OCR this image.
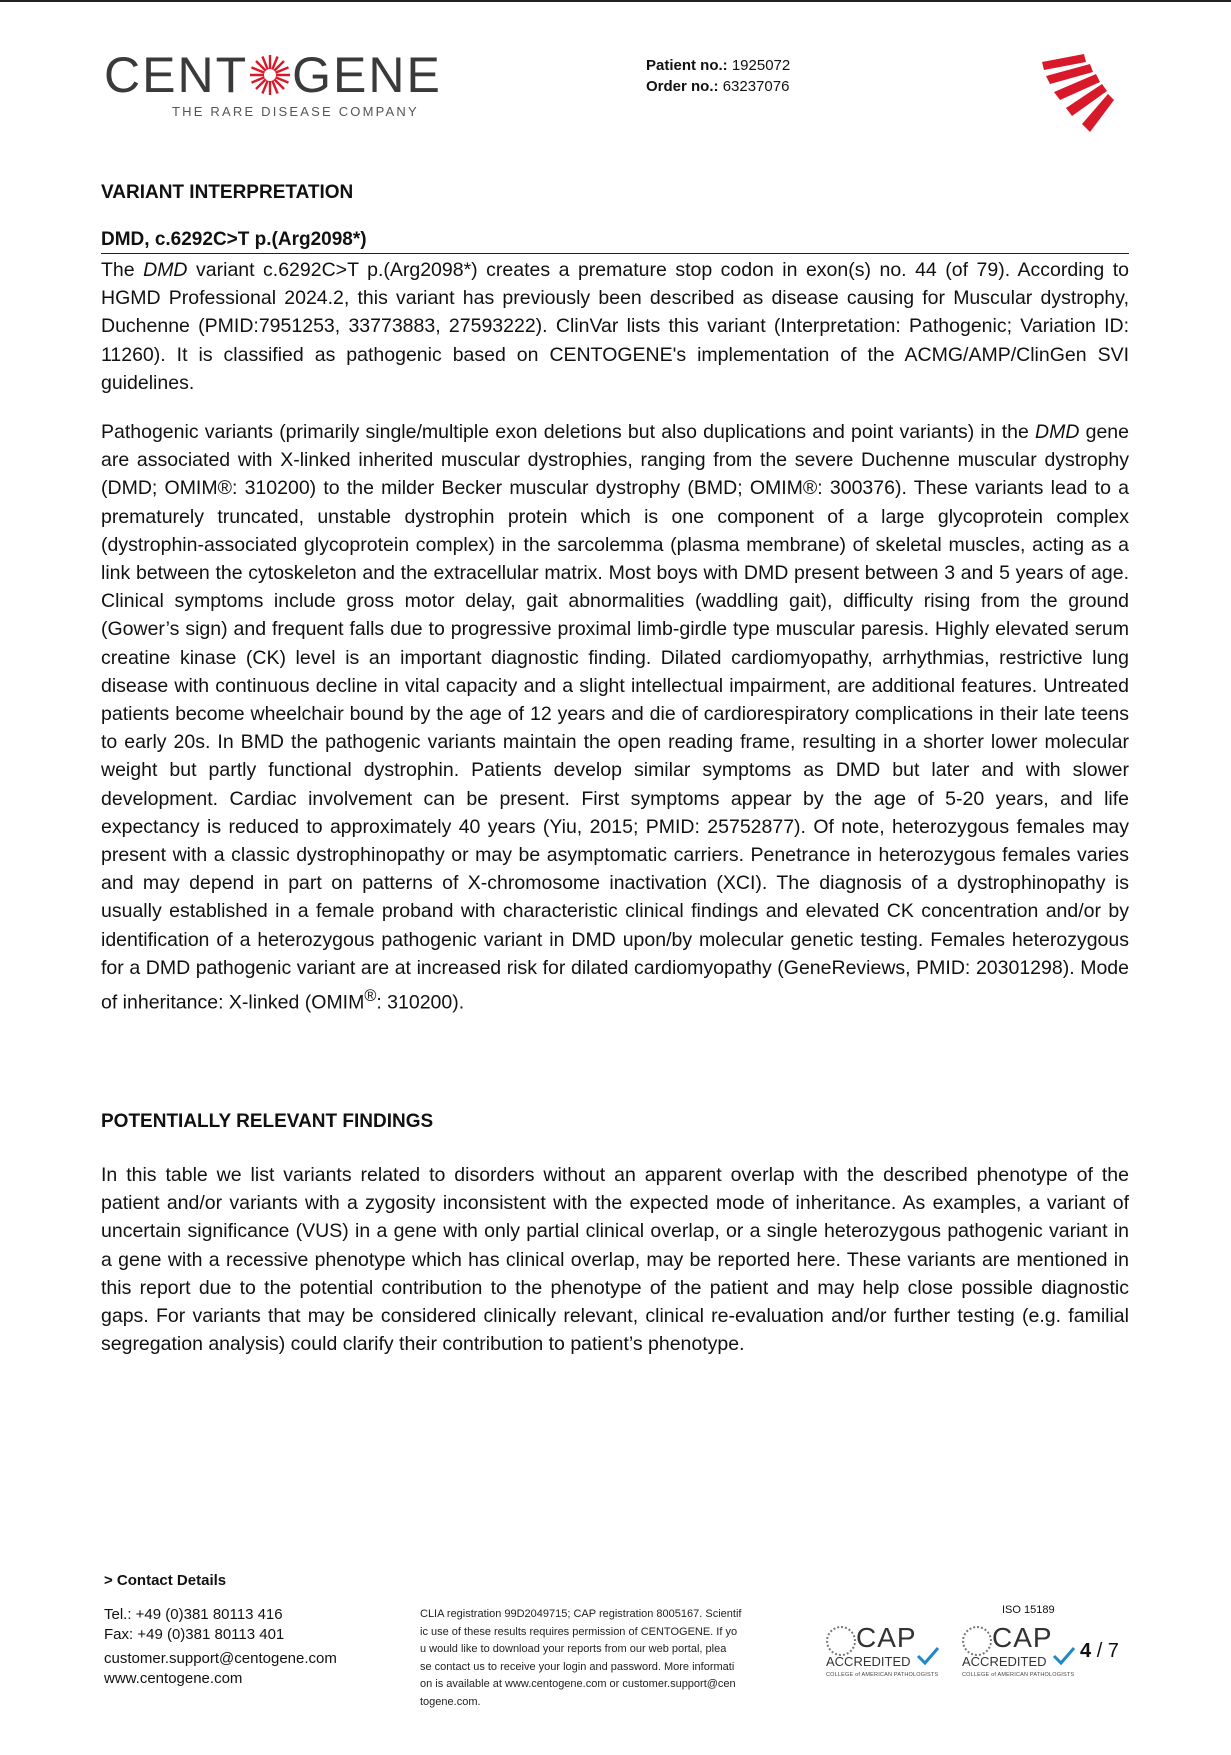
CENT GENE
THE RARE DISEASE COMPANY
Patient no.: 1925072
Order no.: 63237076
VARIANT INTERPRETATION
DMD, c.6292C>T p.(Arg2098*)
The DMD variant c.6292C>T p.(Arg2098*) creates a premature stop codon in exon(s) no. 44 (of 79). According to HGMD Professional 2024.2, this variant has previously been described as disease causing for Muscular dystrophy, Duchenne (PMID:7951253, 33773883, 27593222). ClinVar lists this variant (Interpretation: Pathogenic; Variation ID: 11260). It is classified as pathogenic based on CENTOGENE's implementation of the ACMG/AMP/ClinGen SVI guidelines.
Pathogenic variants (primarily single/multiple exon deletions but also duplications and point variants) in the DMD gene are associated with X-linked inherited muscular dystrophies, ranging from the severe Duchenne muscular dystrophy (DMD; OMIM®: 310200) to the milder Becker muscular dystrophy (BMD; OMIM®: 300376). These variants lead to a prematurely truncated, unstable dystrophin protein which is one component of a large glycoprotein complex (dystrophin-associated glycoprotein complex) in the sarcolemma (plasma membrane) of skeletal muscles, acting as a link between the cytoskeleton and the extracellular matrix. Most boys with DMD present between 3 and 5 years of age. Clinical symptoms include gross motor delay, gait abnormalities (waddling gait), difficulty rising from the ground (Gower’s sign) and frequent falls due to progressive proximal limb-girdle type muscular paresis. Highly elevated serum creatine kinase (CK) level is an important diagnostic finding. Dilated cardiomyopathy, arrhythmias, restrictive lung disease with continuous decline in vital capacity and a slight intellectual impairment, are additional features. Untreated patients become wheelchair bound by the age of 12 years and die of cardiorespiratory complications in their late teens to early 20s. In BMD the pathogenic variants maintain the open reading frame, resulting in a shorter lower molecular weight but partly functional dystrophin. Patients develop similar symptoms as DMD but later and with slower development. Cardiac involvement can be present. First symptoms appear by the age of 5-20 years, and life expectancy is reduced to approximately 40 years (Yiu, 2015; PMID: 25752877). Of note, heterozygous females may present with a classic dystrophinopathy or may be asymptomatic carriers. Penetrance in heterozygous females varies and may depend in part on patterns of X-chromosome inactivation (XCI). The diagnosis of a dystrophinopathy is usually established in a female proband with characteristic clinical findings and elevated CK concentration and/or by identification of a heterozygous pathogenic variant in DMD upon/by molecular genetic testing. Females heterozygous for a DMD pathogenic variant are at increased risk for dilated cardiomyopathy (GeneReviews, PMID: 20301298). Mode of inheritance: X-linked (OMIM®: 310200).
POTENTIALLY RELEVANT FINDINGS
In this table we list variants related to disorders without an apparent overlap with the described phenotype of the patient and/or variants with a zygosity inconsistent with the expected mode of inheritance. As examples, a variant of uncertain significance (VUS) in a gene with only partial clinical overlap, or a single heterozygous pathogenic variant in a gene with a recessive phenotype which has clinical overlap, may be reported here. These variants are mentioned in this report due to the potential contribution to the phenotype of the patient and may help close possible diagnostic gaps. For variants that may be considered clinically relevant, clinical re-evaluation and/or further testing (e.g. familial segregation analysis) could clarify their contribution to patient’s phenotype.
> Contact Details
Tel.: +49 (0)381 80113 416
Fax: +49 (0)381 80113 401
customer.support@centogene.com
www.centogene.com
CLIA registration 99D2049715; CAP registration 8005167. Scientif
ic use of these results requires permission of CENTOGENE. If yo
u would like to download your reports from our web portal, plea
se contact us to receive your login and password. More informati
on is available at www.centogene.com or customer.support@cen
togene.com.
CAP
ACCREDITED
COLLEGE of AMERICAN PATHOLOGISTS
ISO 15189
CAP
ACCREDITED
COLLEGE of AMERICAN PATHOLOGISTS
4 / 7
